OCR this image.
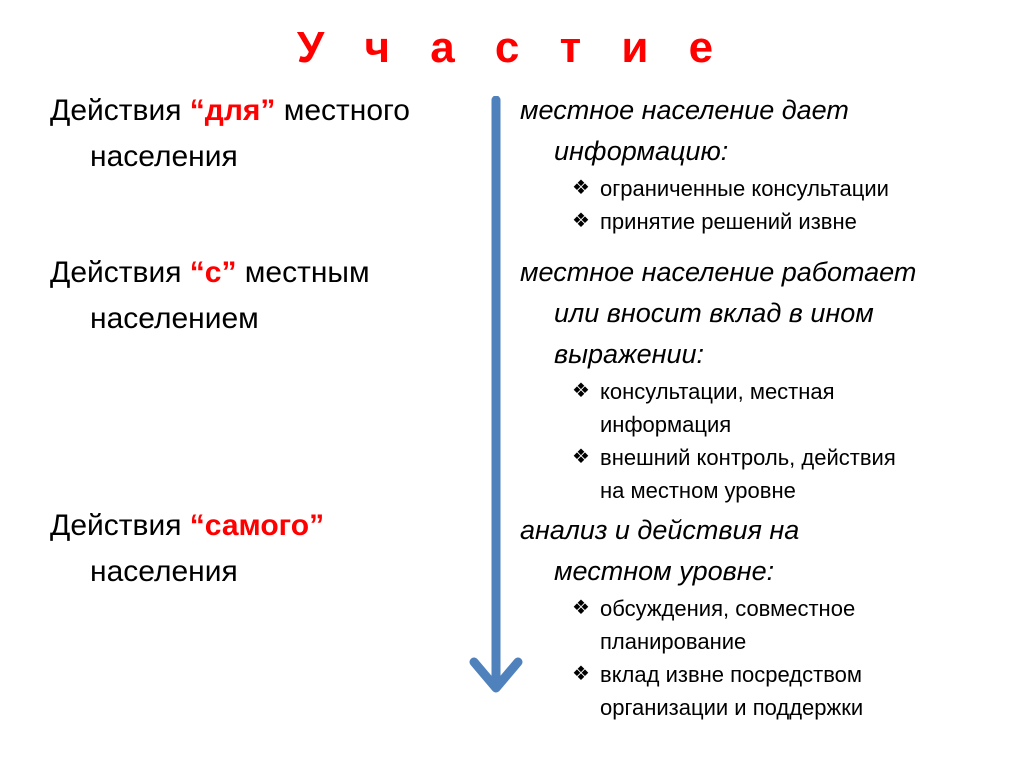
У ч а с т и е
Действия “для” местного
населения
Действия “с” местным
населением
Действия “самого”
населения
местное население дает
информацию:
❖ ограниченные консультации
❖ принятие решений извне
местное население работает
или вносит вклад в ином выражении:
❖ консультации, местная
информация
❖ внешний контроль, действия
на местном уровне
анализ и действия на
местном уровне:
❖ обсуждения, совместное
планирование
❖ вклад извне посредством
организации и поддержки
